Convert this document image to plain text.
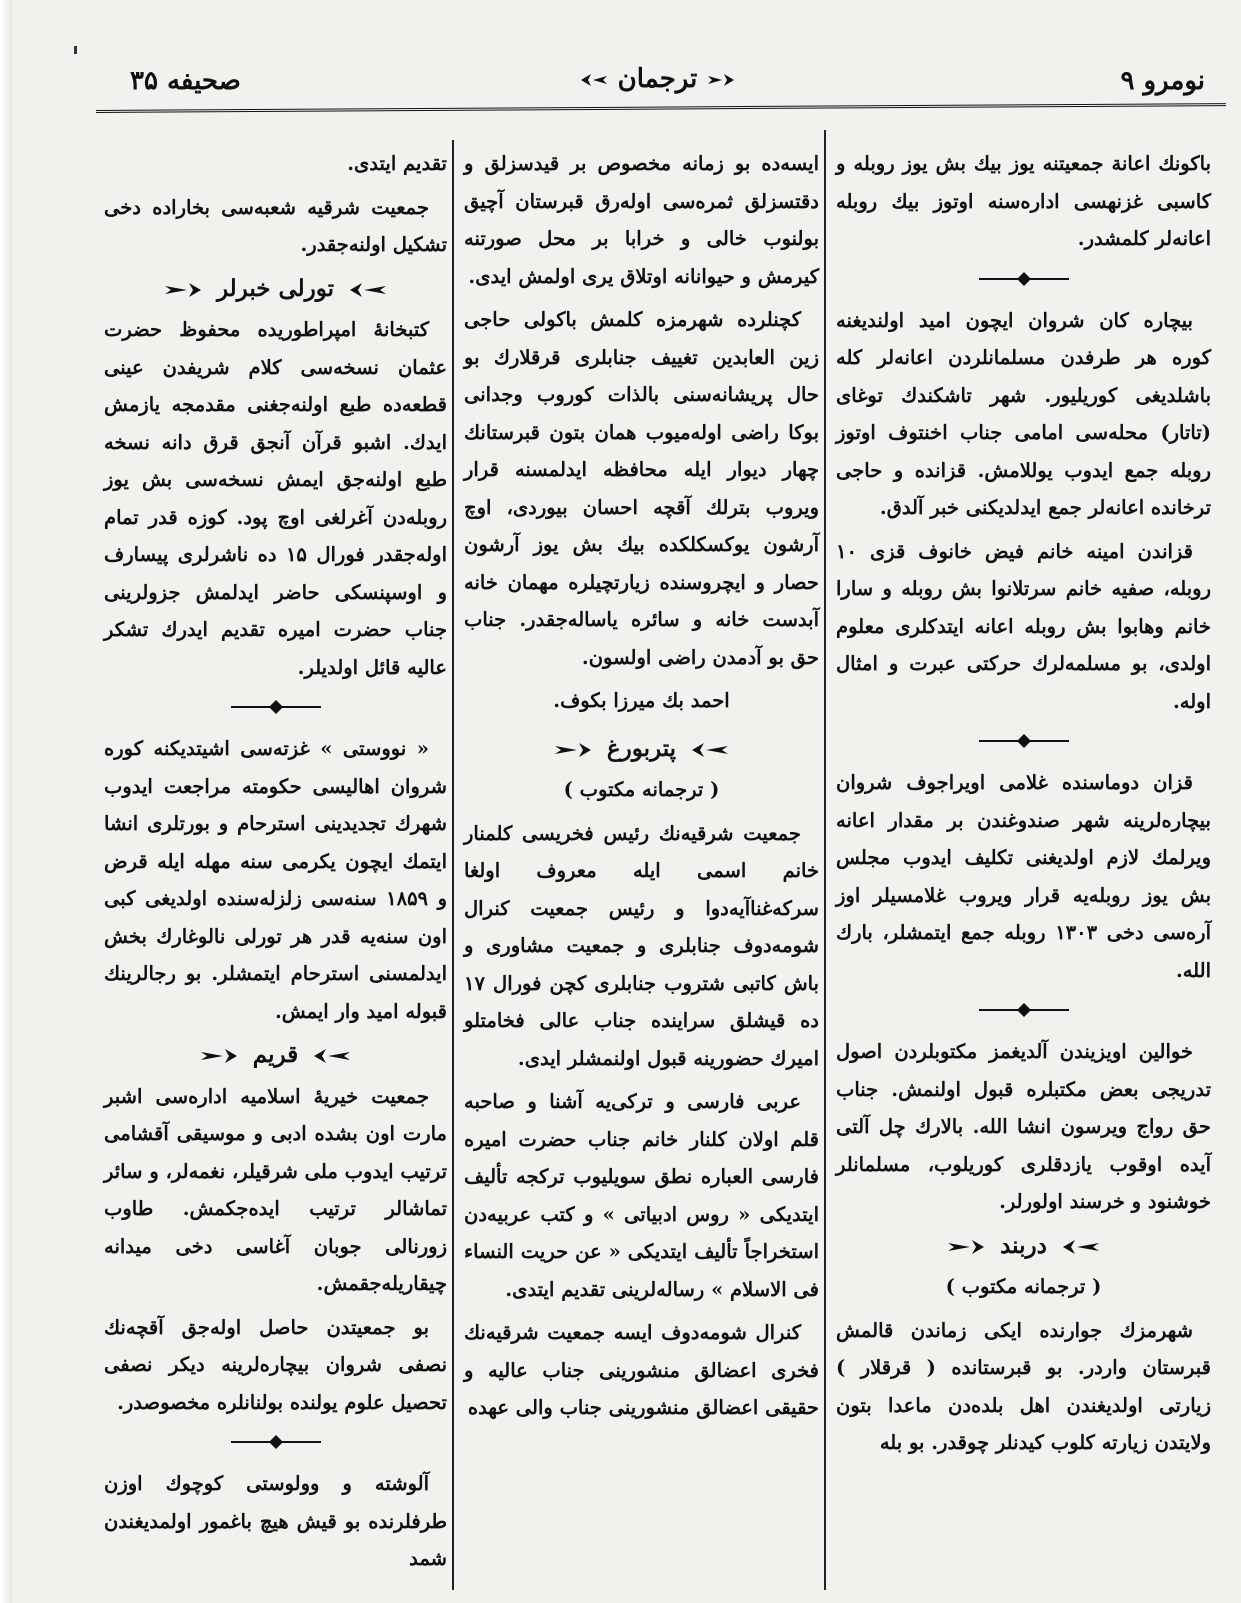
صحيفه ۳۵	ترجمان	نومرو ۹

باكونك اعانة جمعيتنه يوز بيك بش يوز روبله و كاسبی غزنهسی اداره‌سنه اوتوز بيك روبله اعانه‌لر كلمشدر.

بيچاره كان شروان ايچون اميد اولندیغنه كوره هر طرفدن مسلمانلردن اعانه‌لر كله باشلدیغی كوريليور. شهر تاشكندك توغای (تاتار) محله‌سی امامی جناب اخنتوف اوتوز روبله جمع ايدوب يوللامش. قزانده و حاجی ترخانده اعانه‌لر جمع ايدلديكنی خبر آلدق.

قزاندن امينه خانم فيض خانوف قزی ۱۰ روبله، صفيه خانم سرتلانوا بش روبله و سارا خانم وهابوا بش روبله اعانه ايتدكلری معلوم اولدی، بو مسلمه‌لرك حركتی عبرت و امثال اوله.

قزان دوماسنده غلامی اويراجوف شروان بيچاره‌لرينه شهر صندوغندن بر مقدار اعانه ويرلمك لازم اولديغنی تكليف ايدوب مجلس بش يوز روبله‌یه قرار ويروب غلامسيلر اوز آره‌سی دخی ۱۳۰۳ روبله جمع ايتمشلر، بارك الله.

خوالين اويزيندن آلدیغمز مكتوبلردن اصول تدريجی بعض مكتبلره قبول اولنمش. جناب حق رواج ويرسون انشا الله. بالارك چل آلتی آيده اوقوب يازدقلری كوريلوب، مسلمانلر خوشنود و خرسند اولورلر.

دربند
( ترجمانه مكتوب )

شهرمزك جوارنده ايكی زماندن قالمش قبرستان واردر. بو قبرستانده ( قرقلار ) زيارتی اولديغندن اهل بلده‌دن ماعدا بتون ولايتدن زيارته كلوب كيدنلر چوقدر. بو بله

ايسه‌ده بو زمانه مخصوص بر قيدسزلق و دقتسزلق ثمره‌سی اوله‌رق قبرستان آچيق بولنوب خالی و خرابا بر محل صورتنه كيرمش و حيوانانه اوتلاق يری اولمش ايدی.

كچنلرده شهرمزه كلمش باكولی حاجی زين العابدين تغييف جنابلری قرقلارك بو حال پريشانه‌سنی بالذات كوروب وجدانی بوكا راضی اوله‌ميوب همان بتون قبرستانك چهار ديوار ايله محافظه ايدلمسنه قرار ويروب بترلك آقچه احسان بيوردی، اوچ آرشون يوكسكلكده بيك بش يوز آرشون حصار و ايچروسنده زيارتچيلره مهمان خانه آبدست خانه و سائره ياساله‌جقدر. جناب حق بو آدمدن راضی اولسون.

احمد بك ميرزا بكوف.
پتربورغ
( ترجمانه مكتوب )

جمعيت شرقيه‌نك رئيس فخريسی كلمنار خانم اسمی ايله معروف اولغا سركه‌غناآيه‌دوا و رئيس جمعيت كنرال شومه‌دوف جنابلری و جمعيت مشاوری و باش كاتبی شتروب جنابلری كچن فورال ۱۷ ده قيشلق سراينده جناب عالی فخامتلو اميرك حضورينه قبول اولنمشلر ايدی.

عربی فارسی و تركی‌يه آشنا و صاحبه قلم اولان كلنار خانم جناب حضرت اميره فارسی العباره نطق سويليوب تركجه تأليف ايتديكی « روس ادبياتی » و كتب عربيه‌دن استخراجاً تأليف ايتديكی « عن حريت النساء فی الاسلام » رساله‌لرينی تقديم ايتدی.

كنرال شومه‌دوف ايسه جمعيت شرقيه‌نك فخری اعضالق منشورينی جناب عاليه و حقيقی اعضالق منشورينی جناب والی عهده

تقديم ايتدی.

جمعيت شرقيه شعبه‌سی بخاراده دخی تشكيل اولنه‌جقدر.

تورلی خبرلر

كتبخانهٔ امپراطوريده محفوظ حضرت عثمان نسخه‌سی كلام شريفدن عينی قطعه‌ده طبع اولنه‌جغنی مقدمجه يازمش ايدك. اشبو قرآن آنجق قرق دانه نسخه طبع اولنه‌جق ايمش نسخه‌سی بش يوز روبله‌دن آغرلغی اوچ پود. كوزه قدر تمام اوله‌جقدر فورال ۱۵ ده ناشرلری پيسارف و اوسپنسكی حاضر ايدلمش جزولرينی جناب حضرت اميره تقديم ايدرك تشكر عاليه قائل اولديلر.

« نووستی » غزته‌سی اشيتديكنه كوره شروان اهاليسی حكومته مراجعت ايدوب شهرك تجديدينی استرحام و بورتلری انشا ايتمك ايچون يكرمی سنه مهله ايله قرض و ۱۸۵۹ سنه‌سی زلزله‌سنده اولديغی كبی اون سنه‌یه قدر هر تورلی نالوغارك بخش ايدلمسنی استرحام ايتمشلر. بو رجالرينك قبوله اميد وار ايمش.

قريم

جمعيت خيريهٔ اسلاميه اداره‌سی اشبر مارت اون بشده ادبی و موسيقی آقشامی ترتيب ايدوب ملی شرقيلر، نغمه‌لر، و سائر تماشالر ترتيب ايده‌جكمش. طاوب زورنالی جوبان آغاسی دخی ميدانه چيقاريله‌جقمش.

بو جمعيتدن حاصل اوله‌جق آقچه‌نك نصفی شروان بيچاره‌لرينه ديكر نصفی تحصيل علوم يولنده بولنانلره مخصوصدر.

آلوشته و وولوستی كوچوك اوزن طرفلرنده بو قيش هيچ باغمور اولمديغندن شمد
